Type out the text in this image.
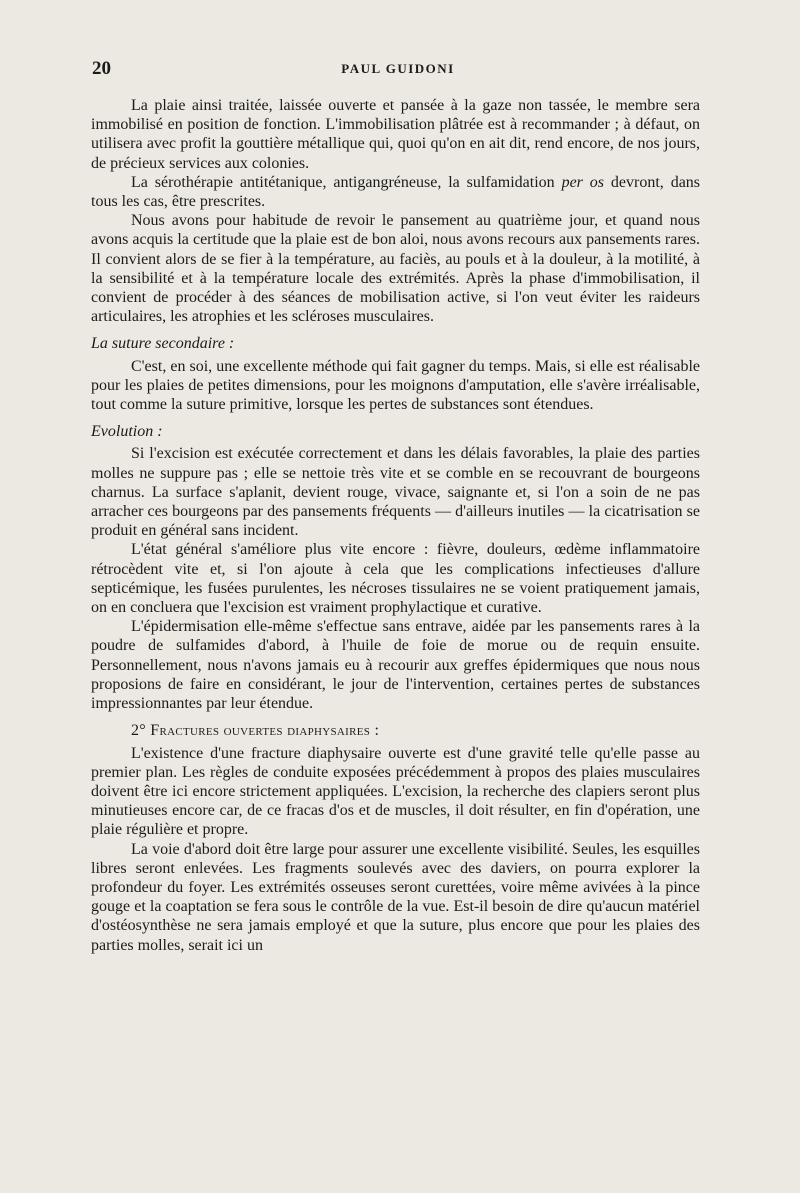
20	PAUL GUIDONI

La plaie ainsi traitée, laissée ouverte et pansée à la gaze non tassée, le membre sera immobilisé en position de fonction. L'immobilisation plâtrée est à recommander ; à défaut, on utilisera avec profit la gouttière métallique qui, quoi qu'on en ait dit, rend encore, de nos jours, de précieux services aux colonies.

La sérothérapie antitétanique, antigangréneuse, la sulfamidation per os devront, dans tous les cas, être prescrites.

Nous avons pour habitude de revoir le pansement au quatrième jour, et quand nous avons acquis la certitude que la plaie est de bon aloi, nous avons recours aux pansements rares. Il convient alors de se fier à la température, au faciès, au pouls et à la douleur, à la motilité, à la sensibilité et à la température locale des extrémités. Après la phase d'immobilisation, il convient de procéder à des séances de mobilisation active, si l'on veut éviter les raideurs articulaires, les atrophies et les scléroses musculaires.

La suture secondaire :

C'est, en soi, une excellente méthode qui fait gagner du temps. Mais, si elle est réalisable pour les plaies de petites dimensions, pour les moignons d'amputation, elle s'avère irréalisable, tout comme la suture primitive, lorsque les pertes de substances sont étendues.

Evolution :

Si l'excision est exécutée correctement et dans les délais favorables, la plaie des parties molles ne suppure pas ; elle se nettoie très vite et se comble en se recouvrant de bourgeons charnus. La surface s'aplanit, devient rouge, vivace, saignante et, si l'on a soin de ne pas arracher ces bourgeons par des pansements fréquents — d'ailleurs inutiles — la cicatrisation se produit en général sans incident.

L'état général s'améliore plus vite encore : fièvre, douleurs, œdème inflammatoire rétrocèdent vite et, si l'on ajoute à cela que les complications infectieuses d'allure septicémique, les fusées purulentes, les nécroses tissulaires ne se voient pratiquement jamais, on en concluera que l'excision est vraiment prophylactique et curative.

L'épidermisation elle-même s'effectue sans entrave, aidée par les pansements rares à la poudre de sulfamides d'abord, à l'huile de foie de morue ou de requin ensuite. Personnellement, nous n'avons jamais eu à recourir aux greffes épidermiques que nous nous proposions de faire en considérant, le jour de l'intervention, certaines pertes de substances impressionnantes par leur étendue.

2° Fractures ouvertes diaphysaires :

L'existence d'une fracture diaphysaire ouverte est d'une gravité telle qu'elle passe au premier plan. Les règles de conduite exposées précédemment à propos des plaies musculaires doivent être ici encore strictement appliquées. L'excision, la recherche des clapiers seront plus minutieuses encore car, de ce fracas d'os et de muscles, il doit résulter, en fin d'opération, une plaie régulière et propre.

La voie d'abord doit être large pour assurer une excellente visibilité. Seules, les esquilles libres seront enlevées. Les fragments soulevés avec des daviers, on pourra explorer la profondeur du foyer. Les extrémités osseuses seront curettées, voire même avivées à la pince gouge et la coaptation se fera sous le contrôle de la vue. Est-il besoin de dire qu'aucun matériel d'ostéosynthèse ne sera jamais employé et que la suture, plus encore que pour les plaies des parties molles, serait ici un
